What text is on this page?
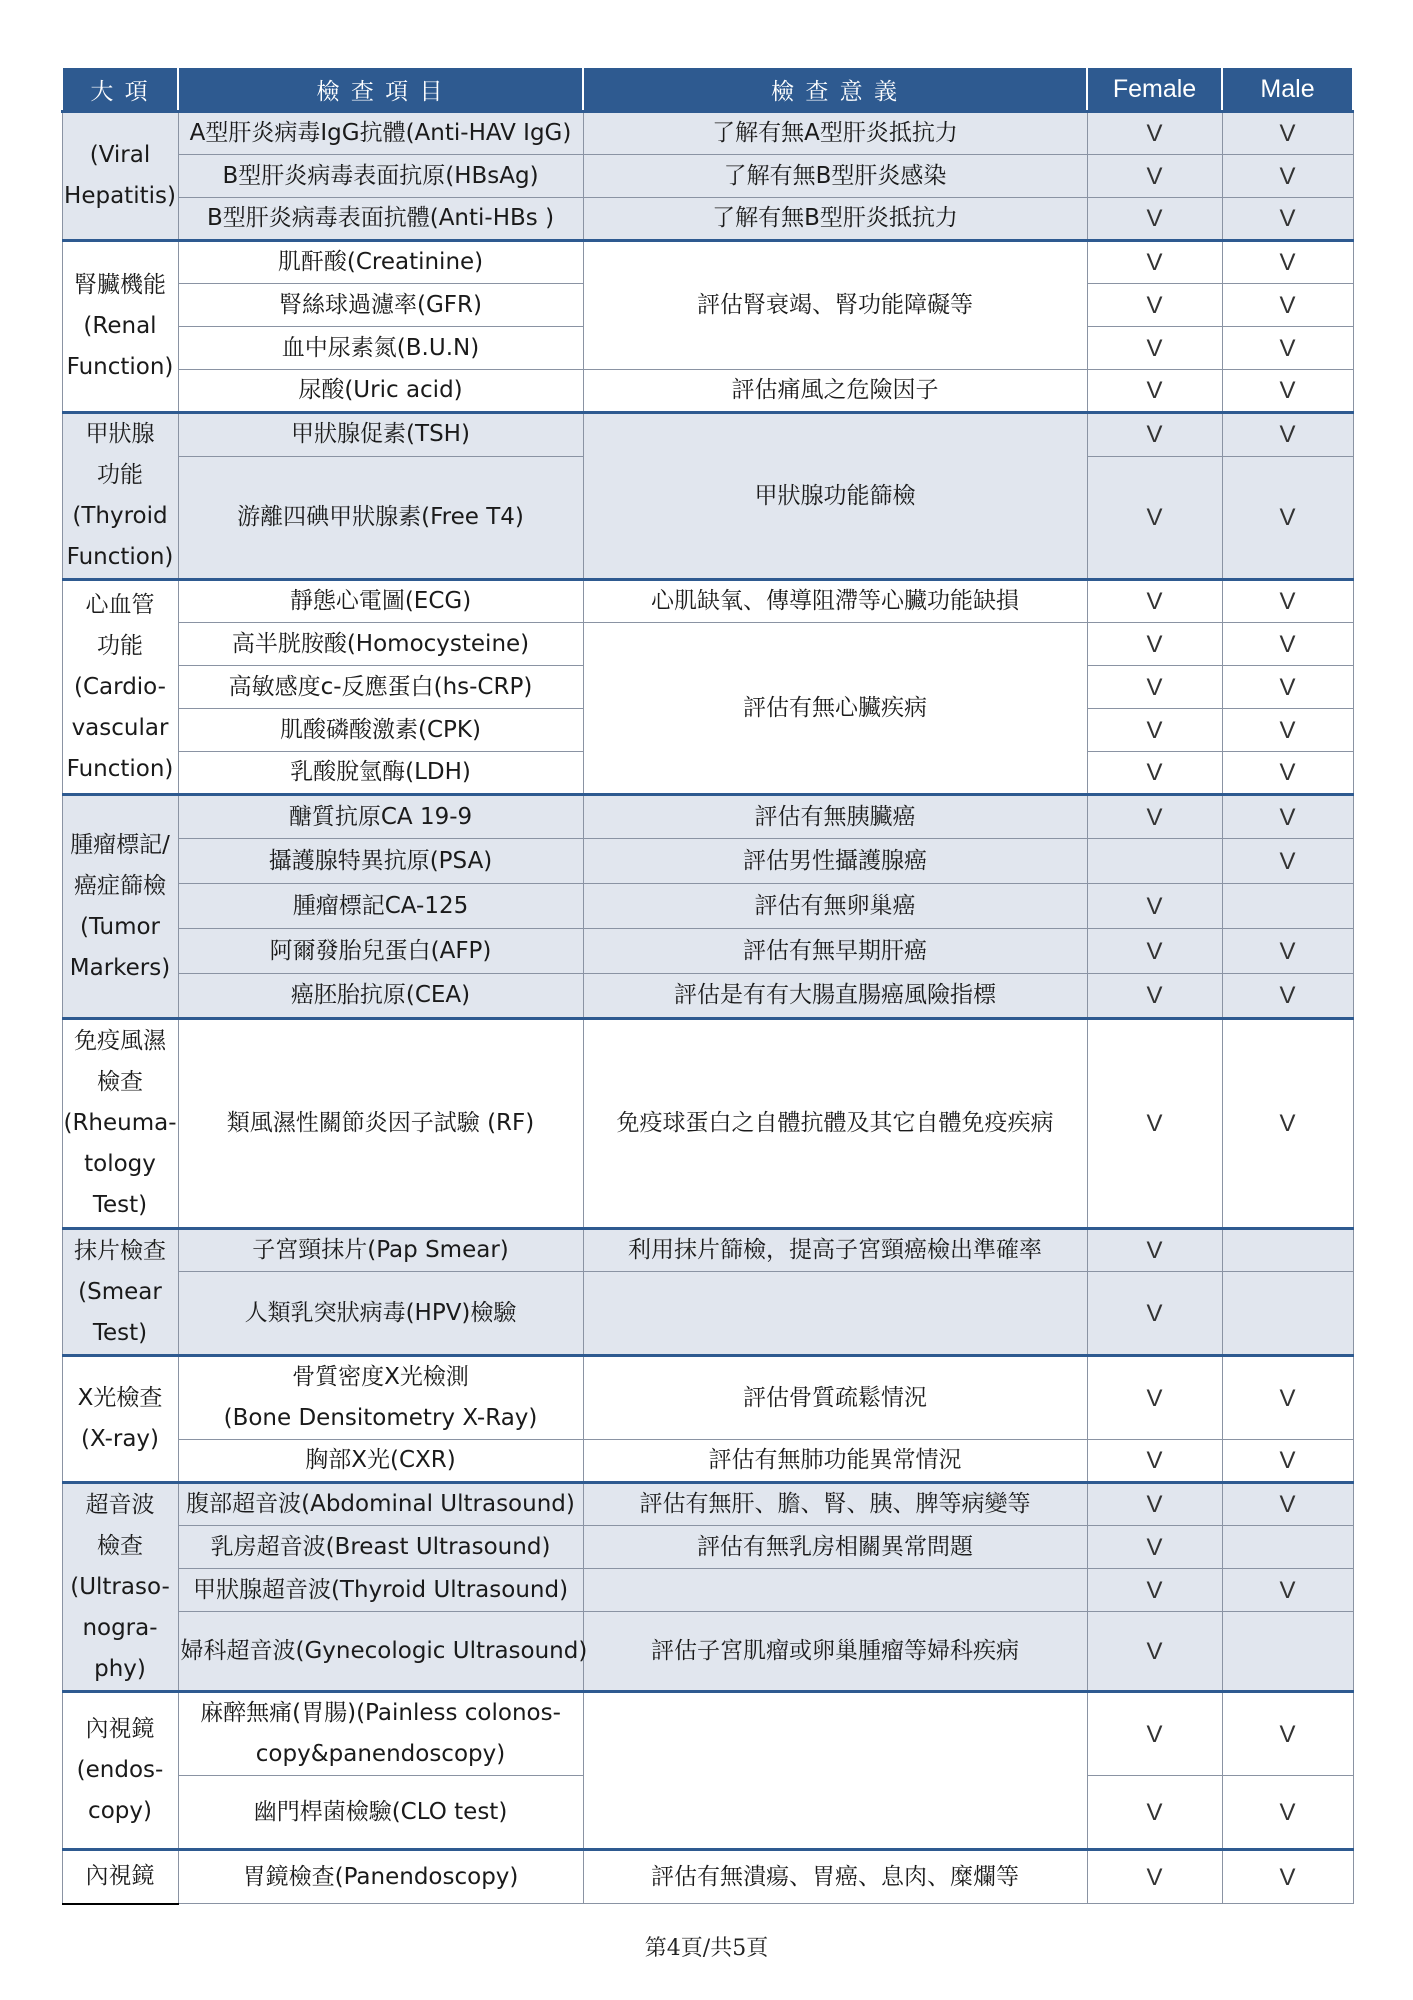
大 項	檢 查 項 目	檢 查 意 義	Female	Male

(Viral
Hepatitis)	A型肝炎病毒IgG抗體(Anti-HAV IgG)	了解有無A型肝炎抵抗力	V	V
	B型肝炎病毒表面抗原(HBsAg)	了解有無B型肝炎感染	V	V
	B型肝炎病毒表面抗體(Anti-HBs )	了解有無B型肝炎抵抗力	V	V

腎臟機能
(Renal
Function)	肌酐酸(Creatinine)	評估腎衰竭、腎功能障礙等	V	V
	腎絲球過濾率(GFR)		V	V
	血中尿素氮(B.U.N)		V	V
	尿酸(Uric acid)	評估痛風之危險因子	V	V

甲狀腺
功能
(Thyroid
Function)	甲狀腺促素(TSH)	甲狀腺功能篩檢	V	V
	游離四碘甲狀腺素(Free T4)		V	V

心血管
功能
(Cardio-
vascular
Function)	靜態心電圖(ECG)	心肌缺氧、傳導阻滯等心臟功能缺損	V	V
	高半胱胺酸(Homocysteine)	評估有無心臟疾病	V	V
	高敏感度c-反應蛋白(hs-CRP)		V	V
	肌酸磷酸激素(CPK)		V	V
	乳酸脫氫酶(LDH)		V	V

腫瘤標記/
癌症篩檢
(Tumor
Markers)	醣質抗原CA 19-9	評估有無胰臟癌	V	V
	攝護腺特異抗原(PSA)	評估男性攝護腺癌		V
	腫瘤標記CA-125	評估有無卵巢癌	V	
	阿爾發胎兒蛋白(AFP)	評估有無早期肝癌	V	V
	癌胚胎抗原(CEA)	評估是有有大腸直腸癌風險指標	V	V

免疫風濕
檢查
(Rheuma-
tology
Test)	類風濕性關節炎因子試驗 (RF)	免疫球蛋白之自體抗體及其它自體免疫疾病	V	V

抹片檢查
(Smear
Test)	子宮頸抹片(Pap Smear)	利用抹片篩檢，提高子宮頸癌檢出準確率	V	
	人類乳突狀病毒(HPV)檢驗		V	

X光檢查
(X-ray)	骨質密度X光檢測
(Bone Densitometry X-Ray)	評估骨質疏鬆情況	V	V
	胸部X光(CXR)	評估有無肺功能異常情況	V	V

超音波
檢查
(Ultraso-
nogra-
phy)	腹部超音波(Abdominal Ultrasound)	評估有無肝、膽、腎、胰、脾等病變等	V	V
	乳房超音波(Breast Ultrasound)	評估有無乳房相關異常問題	V	
	甲狀腺超音波(Thyroid Ultrasound)		V	V
	婦科超音波(Gynecologic Ultrasound)	評估子宮肌瘤或卵巢腫瘤等婦科疾病	V	

內視鏡
(endos-
copy)	麻醉無痛(胃腸)(Painless colonos-
copy&panendoscopy)		V	V
	幽門桿菌檢驗(CLO test)		V	V

內視鏡	胃鏡檢查(Panendoscopy)	評估有無潰瘍、胃癌、息肉、糜爛等	V	V
第4頁/共5頁
